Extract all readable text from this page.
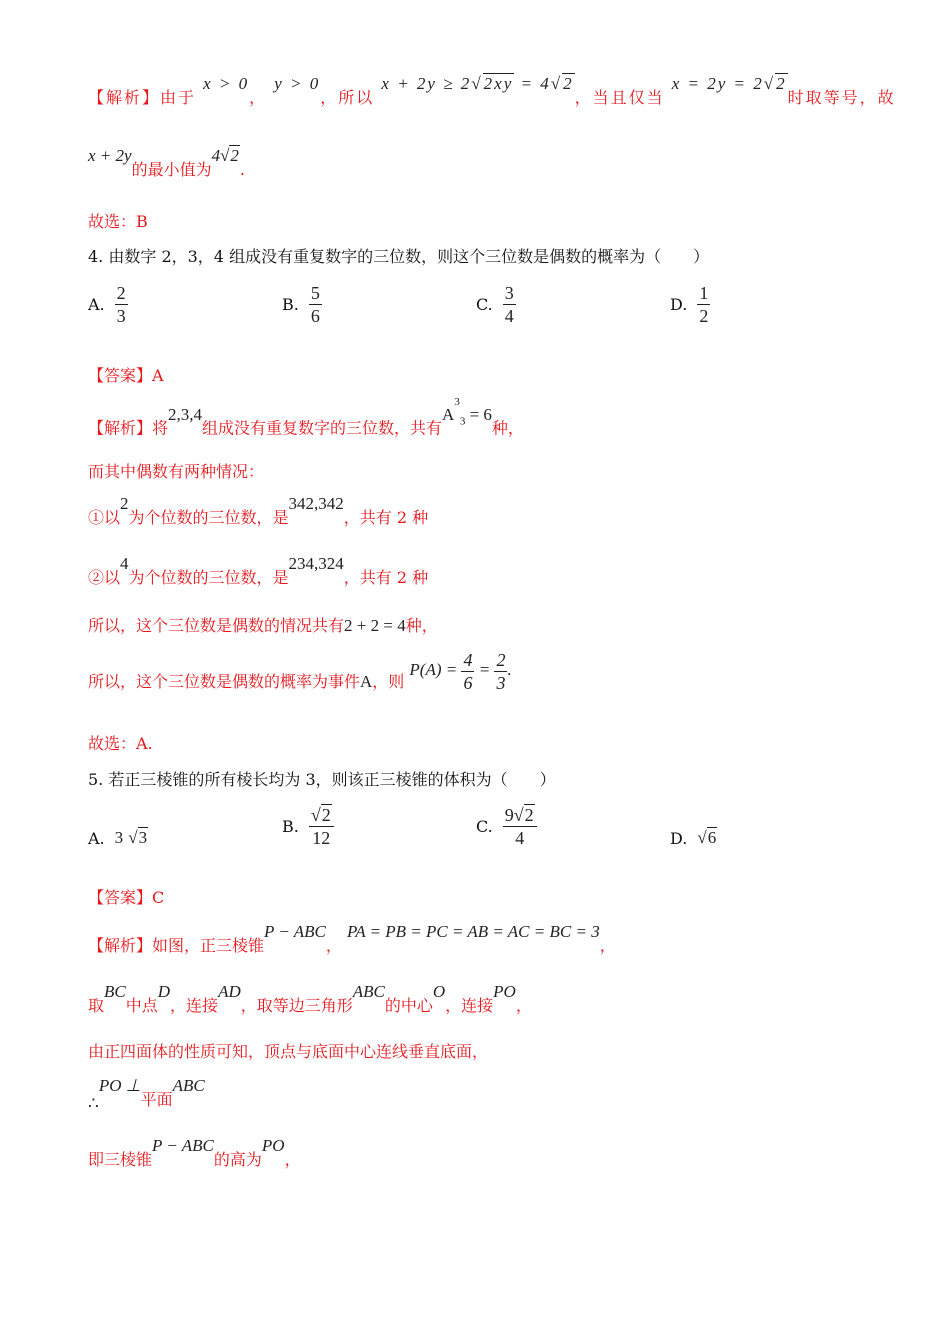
【解析】由于 x > 0， y > 0，所以 x + 2y ≥ 2√2xy = 4√2，当且仅当 x = 2y = 2√2时取等号，故
x + 2y的最小值为4√2.
故选：B
4. 由数字 2，3，4 组成没有重复数字的三位数，则这个三位数是偶数的概率为（　　）
A. $\frac{2}{3}$	B. $\frac{5}{6}$	C. $\frac{3}{4}$	D. $\frac{1}{2}$
【答案】A
【解析】将2,3,4组成没有重复数字的三位数，共有$A^3_3 = 6$种，
而其中偶数有两种情况：
①以2为个位数的三位数，是342,342，共有 2 种
②以4为个位数的三位数，是234,324，共有 2 种
所以，这个三位数是偶数的情况共有2 + 2 = 4种，
所以，这个三位数是偶数的概率为事件A，则 $P(A) = \frac{4}{6} = \frac{2}{3}$ .
故选：A.
5. 若正三棱锥的所有棱长均为 3，则该正三棱锥的体积为（　　）
A. 3 √3
B. $\frac{√2}{12}$	C. $\frac{9√2}{4}$	D. √6
【答案】C
【解析】如图，正三棱锥P − ABC， PA = PB = PC = AB = AC = BC = 3，
取BC中点D，连接AD，取等边三角形ABC的中心O，连接PO，
由正四面体的性质可知，顶点与底面中心连线垂直底面，
∴PO ⊥平面ABC
即三棱锥P − ABC的高为PO，
